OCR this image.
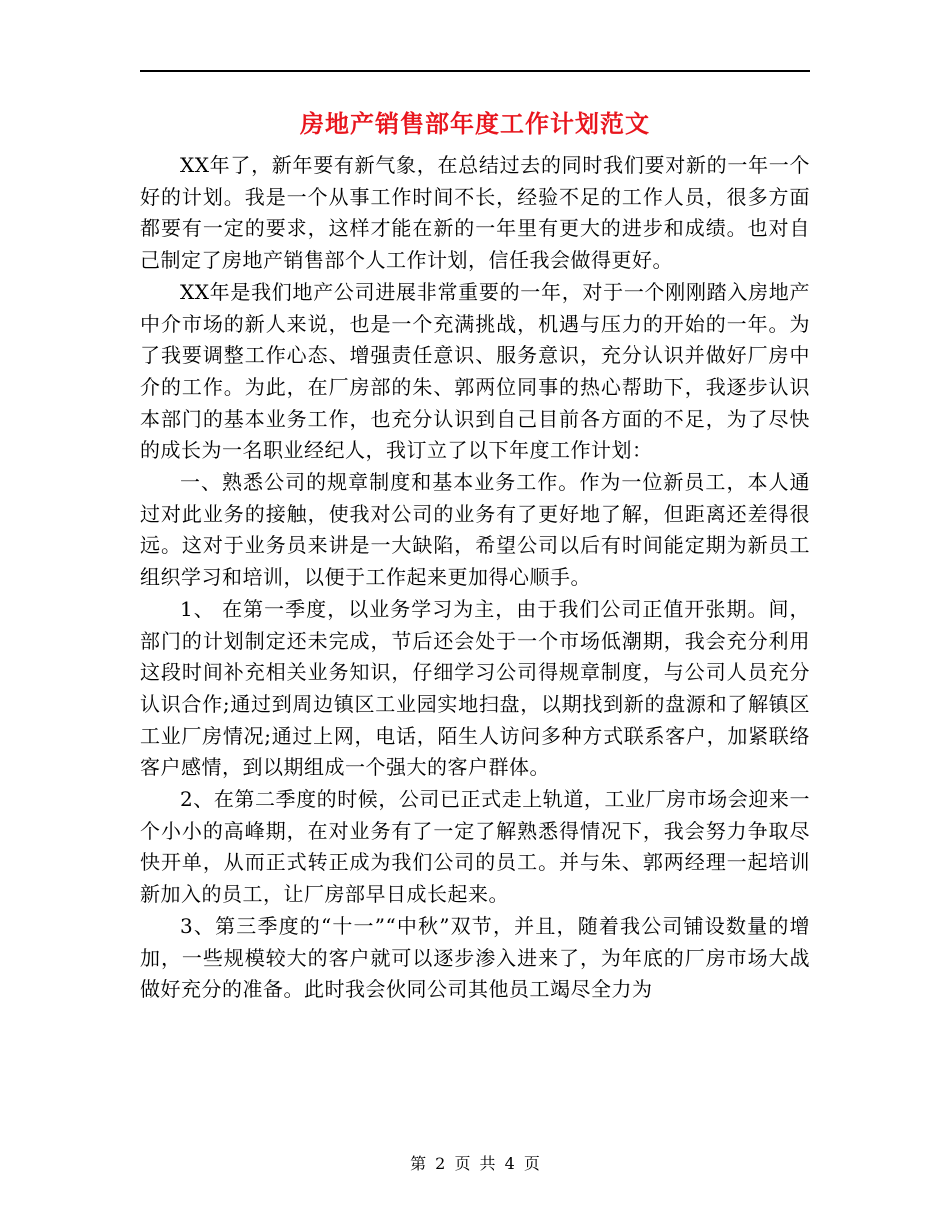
房地产销售部年度工作计划范文

XX年了，新年要有新气象，在总结过去的同时我们要对新的一年一个好的计划。我是一个从事工作时间不长，经验不足的工作人员，很多方面都要有一定的要求，这样才能在新的一年里有更大的进步和成绩。也对自己制定了房地产销售部个人工作计划，信任我会做得更好。

XX年是我们地产公司进展非常重要的一年，对于一个刚刚踏入房地产中介市场的新人来说，也是一个充满挑战，机遇与压力的开始的一年。为了我要调整工作心态、增强责任意识、服务意识，充分认识并做好厂房中介的工作。为此，在厂房部的朱、郭两位同事的热心帮助下，我逐步认识本部门的基本业务工作，也充分认识到自己目前各方面的不足，为了尽快的成长为一名职业经纪人，我订立了以下年度工作计划：

一、熟悉公司的规章制度和基本业务工作。作为一位新员工，本人通过对此业务的接触，使我对公司的业务有了更好地了解，但距离还差得很远。这对于业务员来讲是一大缺陷，希望公司以后有时间能定期为新员工组织学习和培训，以便于工作起来更加得心顺手。

1、 在第一季度，以业务学习为主，由于我们公司正值开张期。间，部门的计划制定还未完成，节后还会处于一个市场低潮期，我会充分利用这段时间补充相关业务知识，仔细学习公司得规章制度，与公司人员充分认识合作;通过到周边镇区工业园实地扫盘，以期找到新的盘源和了解镇区工业厂房情况;通过上网，电话，陌生人访问多种方式联系客户，加紧联络客户感情，到以期组成一个强大的客户群体。

2、在第二季度的时候，公司已正式走上轨道，工业厂房市场会迎来一个小小的高峰期，在对业务有了一定了解熟悉得情况下，我会努力争取尽快开单，从而正式转正成为我们公司的员工。并与朱、郭两经理一起培训新加入的员工，让厂房部早日成长起来。

3、第三季度的“十一”“中秋”双节，并且，随着我公司铺设数量的增加，一些规模较大的客户就可以逐步渗入进来了，为年底的厂房市场大战做好充分的准备。此时我会伙同公司其他员工竭尽全力为

第 2 页 共 4 页
